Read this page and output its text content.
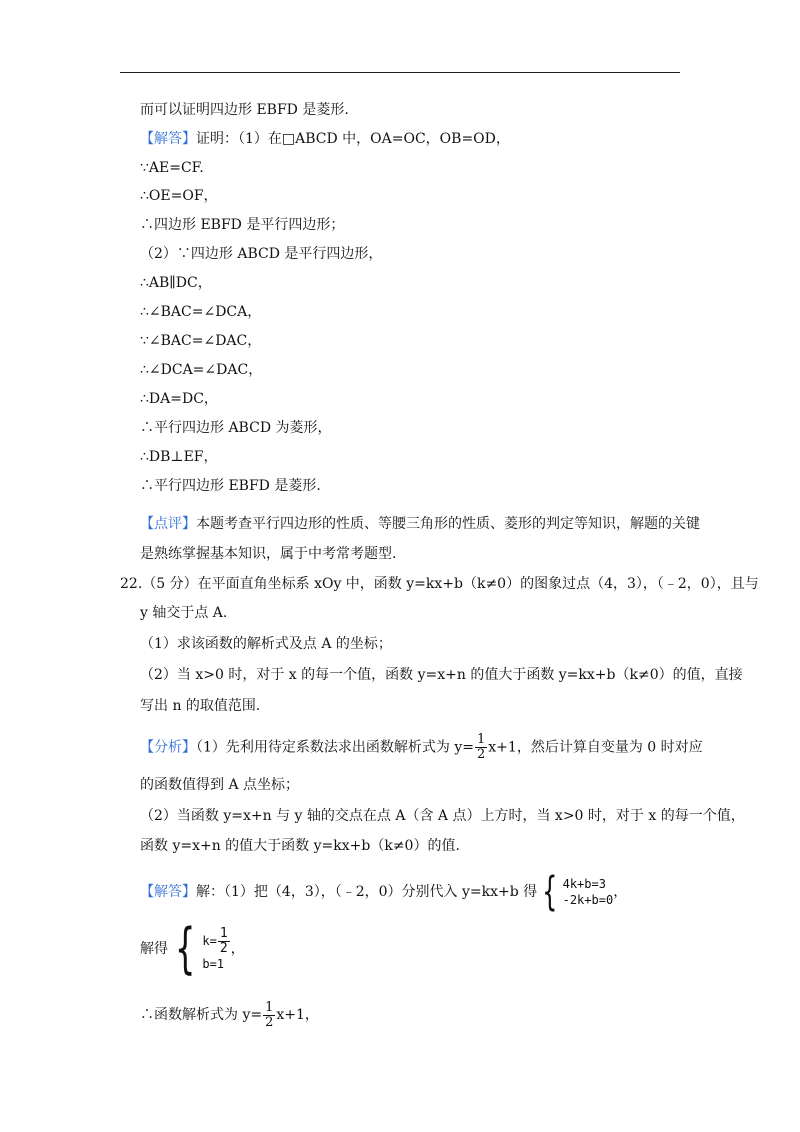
而可以证明四边形 EBFD 是菱形.
【解答】证明：（1）在□ABCD 中，OA=OC，OB=OD，
∵AE=CF.
∴OE=OF，
∴四边形 EBFD 是平行四边形；
（2）∵四边形 ABCD 是平行四边形，
∴AB∥DC，
∴∠BAC=∠DCA，
∵∠BAC=∠DAC，
∴∠DCA=∠DAC，
∴DA=DC，
∴平行四边形 ABCD 为菱形，
∴DB⊥EF，
∴平行四边形 EBFD 是菱形.
【点评】本题考查平行四边形的性质、等腰三角形的性质、菱形的判定等知识，解题的关键
是熟练掌握基本知识，属于中考常考题型.
22.（5 分）在平面直角坐标系 xOy 中，函数 y=kx+b（k≠0）的图象过点（4，3），（﹣2，0），且与
y 轴交于点 A.
（1）求该函数的解析式及点 A 的坐标；
（2）当 x>0 时，对于 x 的每一个值，函数 y=x+n 的值大于函数 y=kx+b（k≠0）的值，直接
写出 n 的取值范围.
【分析】（1）先利用待定系数法求出函数解析式为 $y= \frac{1}{2} x+1$，然后计算自变量为 0 时对应
的函数值得到 A 点坐标；
（2）当函数 y=x+n 与 y 轴的交点在点 A（含 A 点）上方时，当 x>0 时，对于 x 的每一个值，
函数 y=x+n 的值大于函数 y=kx+b（k≠0）的值.
【解答】解：（1）把（4，3），（﹣2，0）分别代入 y=kx+b 得 { 4k+b=3
-2k+b=0 ，
解得 { $k= \frac{1}{2}$
b=1
，
∴函数解析式为 $y= \frac{1}{2} x+1$，
